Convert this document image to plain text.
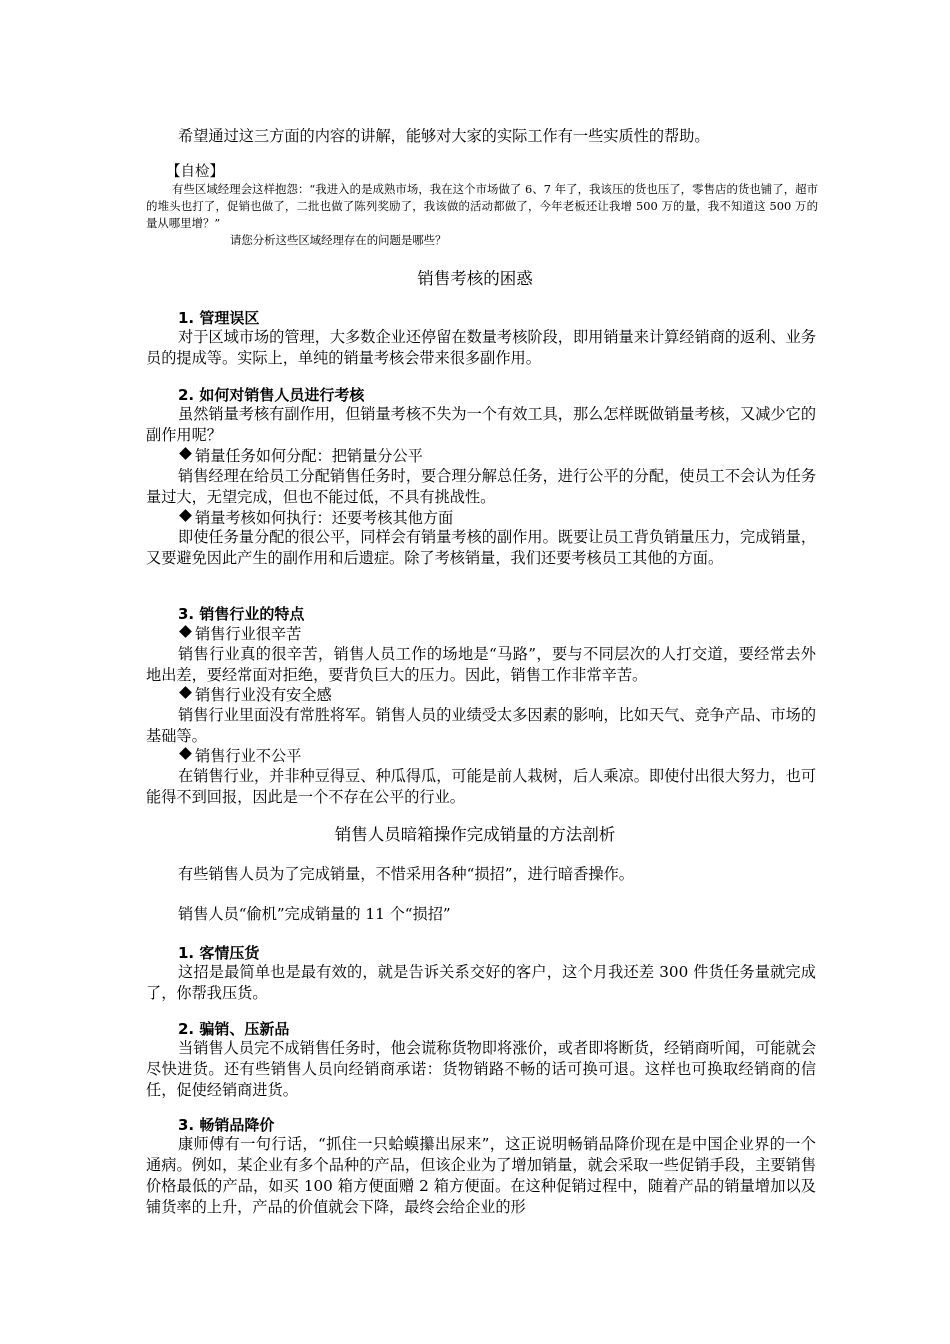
希望通过这三方面的内容的讲解，能够对大家的实际工作有一些实质性的帮助。

【自检】

有些区域经理会这样抱怨：“我进入的是成熟市场，我在这个市场做了 6、7 年了，我该压的货也压了，零售店的货也铺了，超市的堆头也打了，促销也做了，二批也做了陈列奖励了，我该做的活动都做了，今年老板还让我增 500 万的量，我不知道这 500 万的量从哪里增？”

请您分析这些区域经理存在的问题是哪些？

销售考核的困惑

1. 管理误区

对于区域市场的管理，大多数企业还停留在数量考核阶段，即用销量来计算经销商的返利、业务员的提成等。实际上，单纯的销量考核会带来很多副作用。

2. 如何对销售人员进行考核

虽然销量考核有副作用，但销量考核不失为一个有效工具，那么怎样既做销量考核，又减少它的副作用呢？

销量任务如何分配：把销量分公平

销售经理在给员工分配销售任务时，要合理分解总任务，进行公平的分配，使员工不会认为任务量过大，无望完成，但也不能过低，不具有挑战性。

销量考核如何执行：还要考核其他方面

即使任务量分配的很公平，同样会有销量考核的副作用。既要让员工背负销量压力，完成销量，又要避免因此产生的副作用和后遗症。除了考核销量，我们还要考核员工其他的方面。

3. 销售行业的特点

销售行业很辛苦

销售行业真的很辛苦，销售人员工作的场地是“马路”，要与不同层次的人打交道，要经常去外地出差，要经常面对拒绝，要背负巨大的压力。因此，销售工作非常辛苦。

销售行业没有安全感

销售行业里面没有常胜将军。销售人员的业绩受太多因素的影响，比如天气、竞争产品、市场的基础等。

销售行业不公平

在销售行业，并非种豆得豆、种瓜得瓜，可能是前人栽树，后人乘凉。即使付出很大努力，也可能得不到回报，因此是一个不存在公平的行业。

销售人员暗箱操作完成销量的方法剖析

有些销售人员为了完成销量，不惜采用各种“损招”，进行暗香操作。

销售人员“偷机”完成销量的 11 个“损招”

1. 客情压货

这招是最简单也是最有效的，就是告诉关系交好的客户，这个月我还差 300 件货任务量就完成了，你帮我压货。

2. 骗销、压新品

当销售人员完不成销售任务时，他会谎称货物即将涨价，或者即将断货，经销商听闻，可能就会尽快进货。还有些销售人员向经销商承诺：货物销路不畅的话可换可退。这样也可换取经销商的信任，促使经销商进货。

3. 畅销品降价

康师傅有一句行话，“抓住一只蛤蟆攥出尿来”，这正说明畅销品降价现在是中国企业界的一个通病。例如，某企业有多个品种的产品，但该企业为了增加销量，就会采取一些促销手段，主要销售价格最低的产品，如买 100 箱方便面赠 2 箱方便面。在这种促销过程中，随着产品的销量增加以及铺货率的上升，产品的价值就会下降，最终会给企业的形
